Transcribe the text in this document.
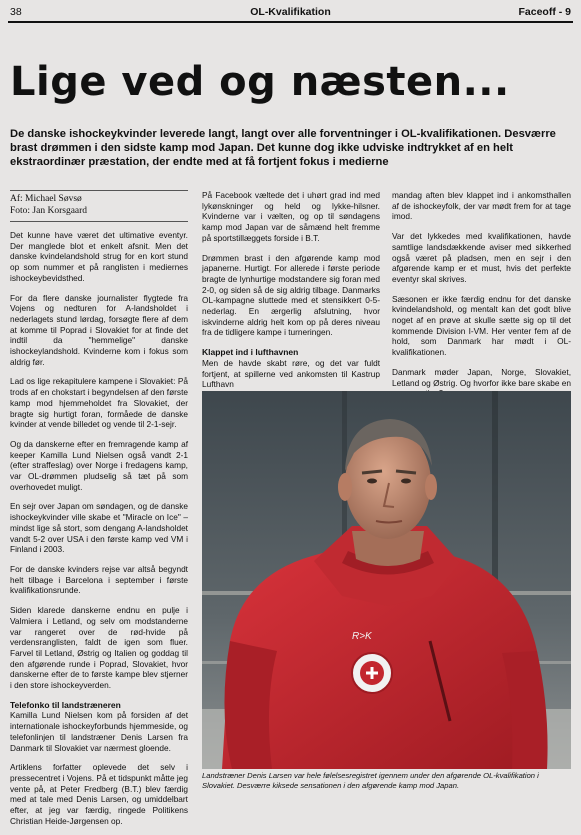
38	OL-Kvalifikation	Faceoff - 9
Lige ved og næsten...

De danske ishockeykvinder leverede langt, langt over alle forventninger i OL-kvalifikationen. Desværre brast drømmen i den sidste kamp mod Japan. Det kunne dog ikke udviske indtrykket af en helt ekstraordinær præstation, der endte med at få fortjent fokus i medierne

Af: Michael Søvsø
Foto: Jan Korsgaard

Det kunne have været det ultimative eventyr. Der manglede blot et enkelt afsnit. Men det danske kvindelandshold strug for en kort stund op som nummer et på ranglisten i mediernes ishockeybevidsthed.

For da flere danske journalister flygtede fra Vojens og nedturen for A-landsholdet i nederlagets stund lørdag, forsøgte flere af dem at komme til Poprad i Slovakiet for at finde det indtil da "hemmelige" danske ishockeylandshold. Kvinderne kom i fokus som aldrig før.

Lad os lige rekapitulere kampene i Slovakiet: På trods af en chokstart i begyndelsen af den første kamp mod hjemmeholdet fra Slovakiet, der bragte sig hurtigt foran, formåede de danske kvinder at vende billedet og vende til 2-1-sejr.

Og da danskerne efter en fremragende kamp af keeper Kamilla Lund Nielsen også vandt 2-1 (efter straffeslag) over Norge i fredagens kamp, var OL-drømmen pludselig så tæt på som overhovedet muligt.

En sejr over Japan om søndagen, og de danske ishockeykvinder ville skabe et "Miracle on Ice" – mindst lige så stort, som dengang A-landsholdet vandt 5-2 over USA i den første kamp ved VM i Finland i 2003.

For de danske kvinders rejse var altså begyndt helt tilbage i Barcelona i september i første kvalifikationsrunde.

Siden klarede danskerne endnu en pulje i Valmiera i Letland, og selv om modstanderne var rangeret over de rød-hvide på verdensranglisten, faldt de igen som fluer. Farvel til Letland, Østrig og Italien og goddag til den afgørende runde i Poprad, Slovakiet, hvor danskerne efter de to første kampe blev stjerner i den store ishockeyverden.

Telefonko til landstræneren

Kamilla Lund Nielsen kom på forsiden af det internationale ishockeyforbunds hjemmeside, og telefonlinjen til landstræner Denis Larsen fra Danmark til Slovakiet var nærmest gloende.

Artiklens forfatter oplevede det selv i pressecentret i Vojens. På et tidspunkt måtte jeg vente på, at Peter Fredberg (B.T.) blev færdig med at tale med Denis Larsen, og umiddelbart efter, at jeg var færdig, ringede Politikens Christian Heide-Jørgensen op.

På Facebook væltede det i uhørt grad ind med lykønskninger og held og lykke-hilsner. Kvinderne var i vælten, og op til søndagens kamp mod Japan var de såmænd helt fremme på sportstillæggets forside i B.T.

Drømmen brast i den afgørende kamp mod japanerne. Hurtigt. For allerede i første periode bragte de lynhurtige modstandere sig foran med 2-0, og siden så de sig aldrig tilbage. Danmarks OL-kampagne sluttede med et stensikkert 0-5-nederlag. En ærgerlig afslutning, hvor iskvinderne aldrig helt kom op på deres niveau fra de tidligere kampe i turneringen.

Klappet ind i lufthavnen

Men de havde skabt røre, og det var fuldt fortjent, at spillerne ved ankomsten til Kastrup Lufthavn

mandag aften blev klappet ind i ankomsthallen af de ishockeyfolk, der var mødt frem for at tage imod.

Var det lykkedes med kvalifikationen, havde samtlige landsdækkende aviser med sikkerhed også været på pladsen, men en sejr i den afgørende kamp er et must, hvis det perfekte eventyr skal skrives.

Sæsonen er ikke færdig endnu for det danske kvindelandshold, og mentalt kan det godt blive noget af en prøve at skulle sætte sig op til det kommende Division I-VM. Her venter fem af de hold, som Danmark har mødt i OL-kvalifikationen.

Danmark møder Japan, Norge, Slovakiet, Letland og Østrig. Og hvorfor ikke bare skabe en

R>K

Landstræner Denis Larsen var hele følelsesregistret igennem under den afgørende OL-kvalifikation i Slovakiet. Desværre kiksede sensationen i den afgørende kamp mod Japan.
